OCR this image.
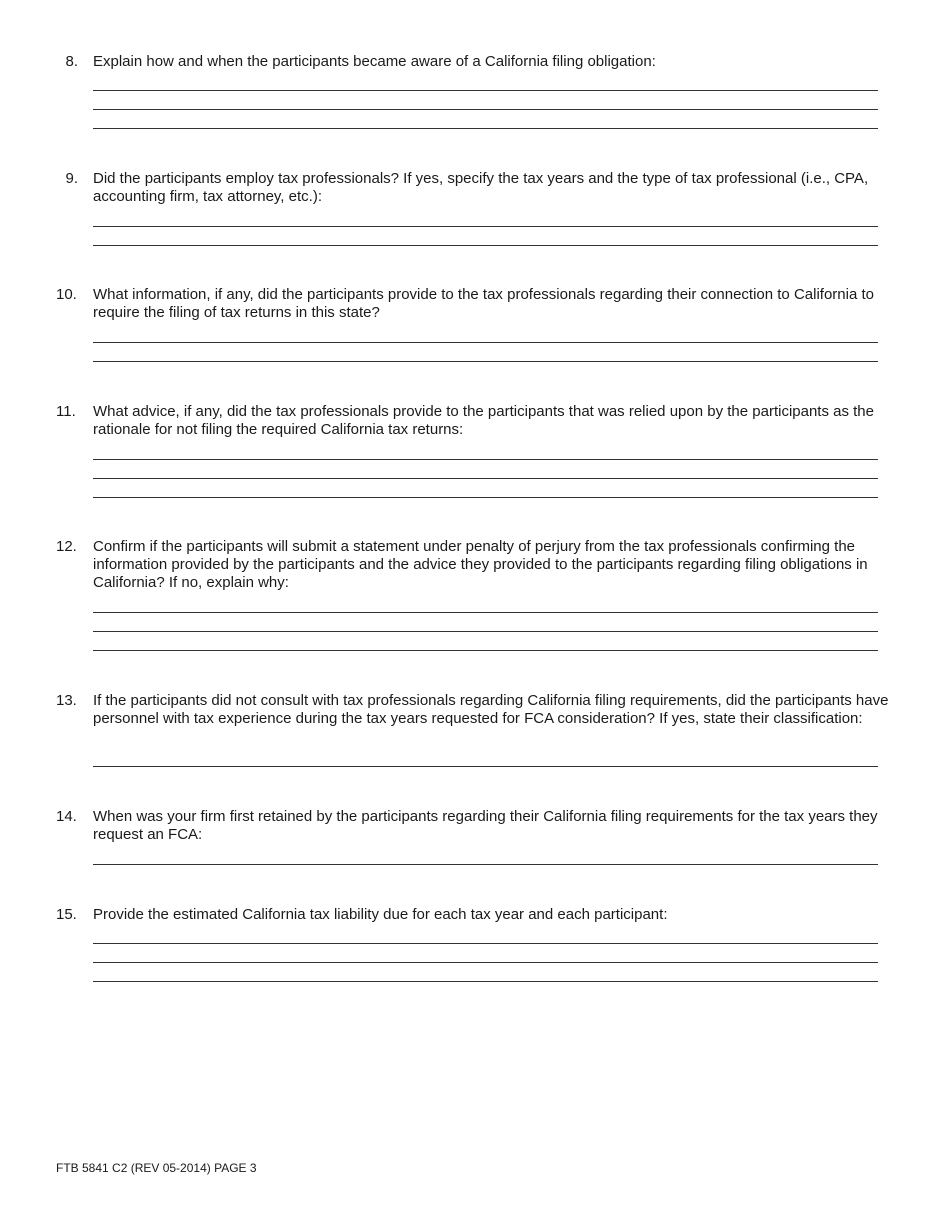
8. Explain how and when the participants became aware of a California filing obligation:
9. Did the participants employ tax professionals? If yes, specify the tax years and the type of tax professional (i.e., CPA, accounting firm, tax attorney, etc.):
10.	What information, if any, did the participants provide to the tax professionals regarding their connection to California to require the filing of tax returns in this state?
11.	What advice, if any, did the tax professionals provide to the participants that was relied upon by the participants as the rationale for not filing the required California tax returns:
12.	Confirm if the participants will submit a statement under penalty of perjury from the tax professionals confirming the information provided by the participants and the advice they provided to the participants regarding filing obligations in California? If no, explain why:
13.	If the participants did not consult with tax professionals regarding California filing requirements, did the participants have personnel with tax experience during the tax years requested for FCA consideration? If yes, state their classification:
14.	When was your firm first retained by the participants regarding their California filing requirements for the tax years they request an FCA:
15.	Provide the estimated California tax liability due for each tax year and each participant:
FTB 5841 C2 (REV 05-2014) PAGE 3
